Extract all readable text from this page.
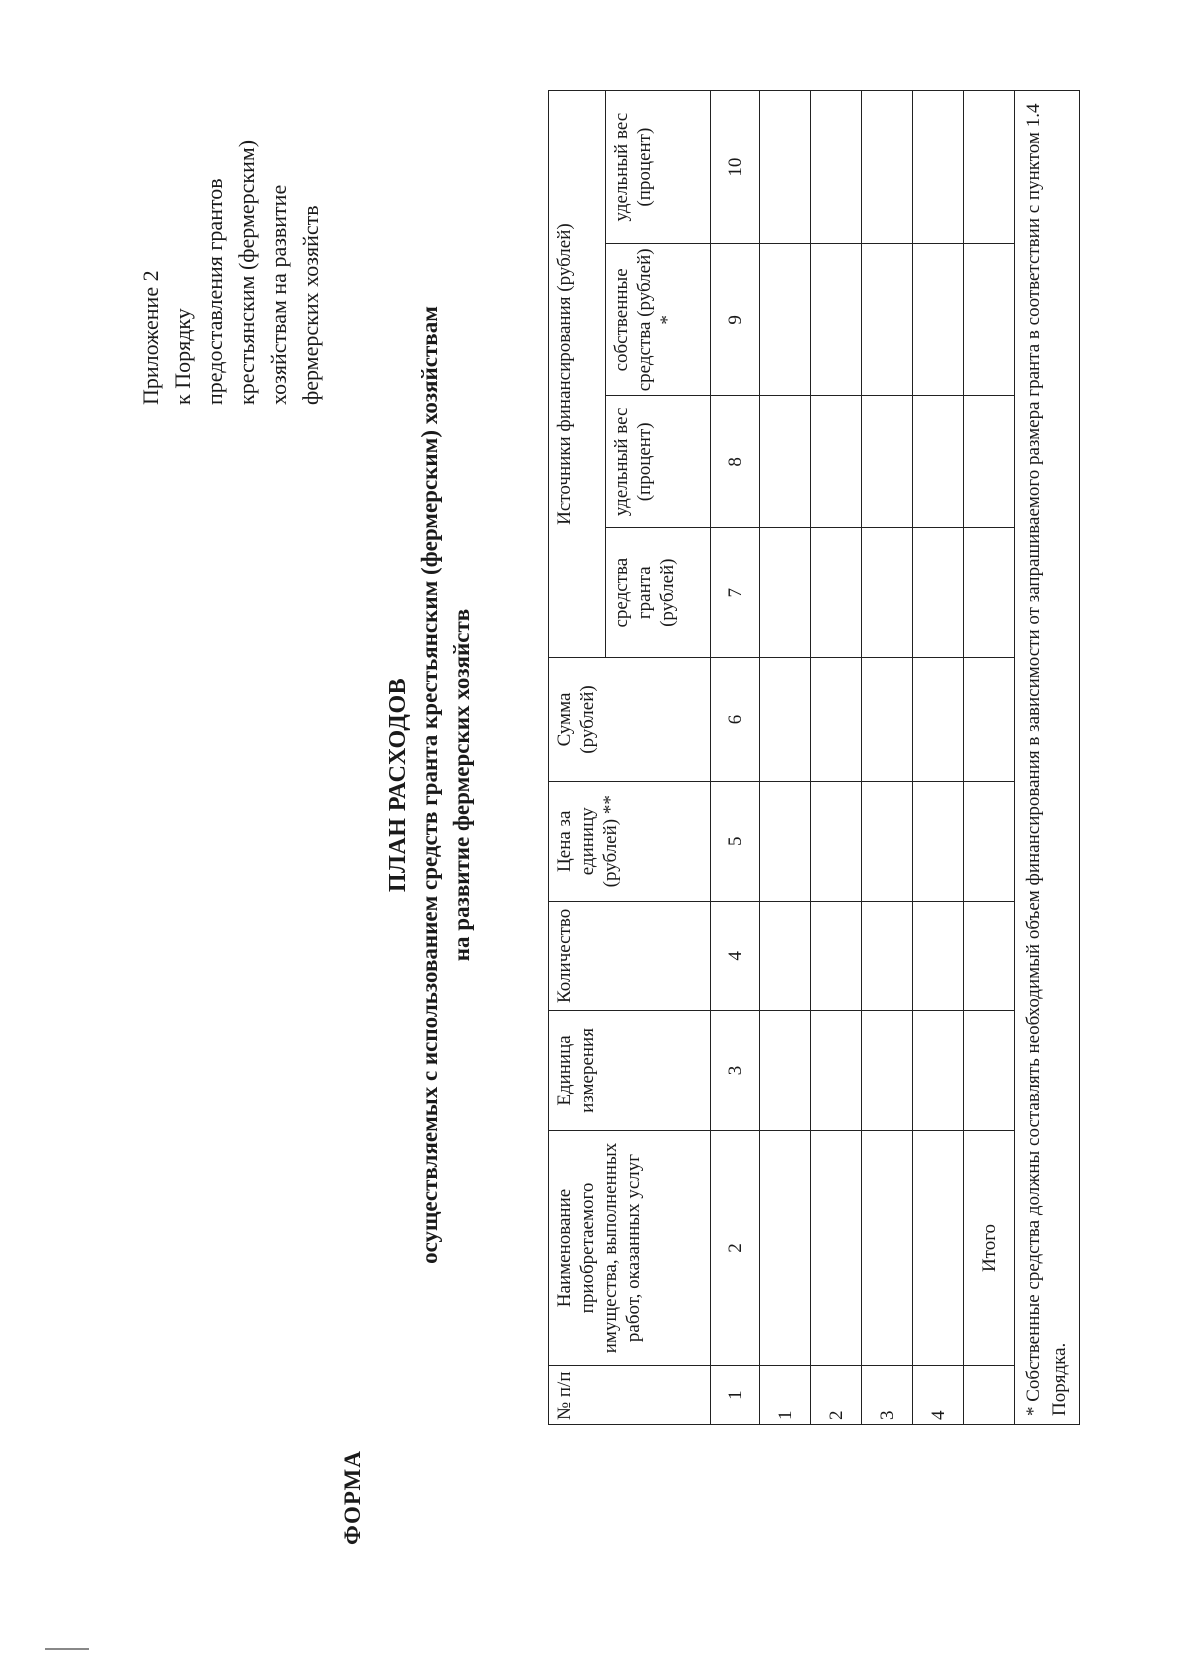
Приложение 2 к Порядку предоставления грантов крестьянским (фермерским) хозяйствам на развитие фермерских хозяйств
ФОРМА
ПЛАН РАСХОДОВ осуществляемых с использованием средств гранта крестьянским (фермерским) хозяйствам на развитие фермерских хозяйств
№ п/п	Наименование приобретаемого имущества, выполненных работ, оказанных услуг	Единица измерения	Количество	Цена за единицу (рублей) **	Сумма (рублей)	Источники финансирования (рублей)			
						средства гранта (рублей)	удельный вес (процент)	собственные средства (рублей) *	удельный вес (процент)
1	2	3	4	5	6	7	8	9	10
1									
2									
3									
4									
	Итого								
* Собственные средства должны составлять необходимый объем финансирования в зависимости от запрашиваемого размера гранта в соответствии с пунктом 1.4 Порядка.									
